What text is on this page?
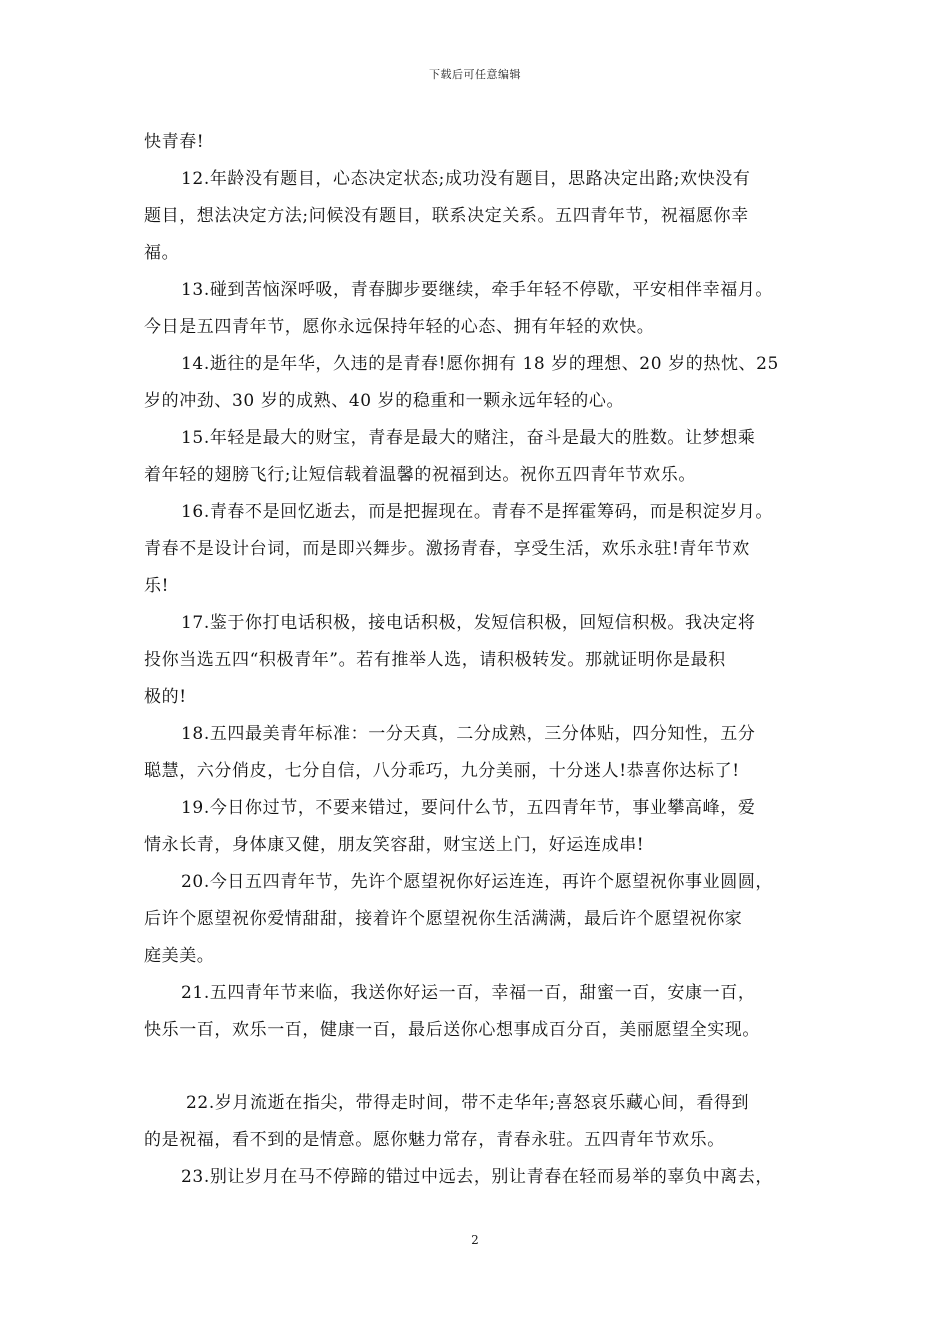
下载后可任意编辑
快青春!
12.年龄没有题目，心态决定状态;成功没有题目，思路决定出路;欢快没有
题目，想法决定方法;问候没有题目，联系决定关系。五四青年节，祝福愿你幸
福。
13.碰到苦恼深呼吸，青春脚步要继续，牵手年轻不停歇，平安相伴幸福月。
今日是五四青年节，愿你永远保持年轻的心态、拥有年轻的欢快。
14.逝往的是年华，久违的是青春!愿你拥有 18 岁的理想、20 岁的热忱、25
岁的冲劲、30 岁的成熟、40 岁的稳重和一颗永远年轻的心。
15.年轻是最大的财宝，青春是最大的赌注，奋斗是最大的胜数。让梦想乘
着年轻的翅膀飞行;让短信载着温馨的祝福到达。祝你五四青年节欢乐。
16.青春不是回忆逝去，而是把握现在。青春不是挥霍筹码，而是积淀岁月。
青春不是设计台词，而是即兴舞步。激扬青春，享受生活，欢乐永驻!青年节欢
乐!
17.鉴于你打电话积极，接电话积极，发短信积极，回短信积极。我决定将
投你当选五四“积极青年”。若有推举人选，请积极转发。那就证明你是最积
极的!
18.五四最美青年标准：一分天真，二分成熟，三分体贴，四分知性，五分
聪慧，六分俏皮，七分自信，八分乖巧，九分美丽，十分迷人!恭喜你达标了!
19.今日你过节，不要来错过，要问什么节，五四青年节，事业攀高峰，爱
情永长青，身体康又健，朋友笑容甜，财宝送上门，好运连成串!
20.今日五四青年节，先许个愿望祝你好运连连，再许个愿望祝你事业圆圆，
后许个愿望祝你爱情甜甜，接着许个愿望祝你生活满满，最后许个愿望祝你家
庭美美。
21.五四青年节来临，我送你好运一百，幸福一百，甜蜜一百，安康一百，
快乐一百，欢乐一百，健康一百，最后送你心想事成百分百，美丽愿望全实现。
22.岁月流逝在指尖，带得走时间，带不走华年;喜怒哀乐藏心间，看得到
的是祝福，看不到的是情意。愿你魅力常存，青春永驻。五四青年节欢乐。
23.别让岁月在马不停蹄的错过中远去，别让青春在轻而易举的辜负中离去，
2
